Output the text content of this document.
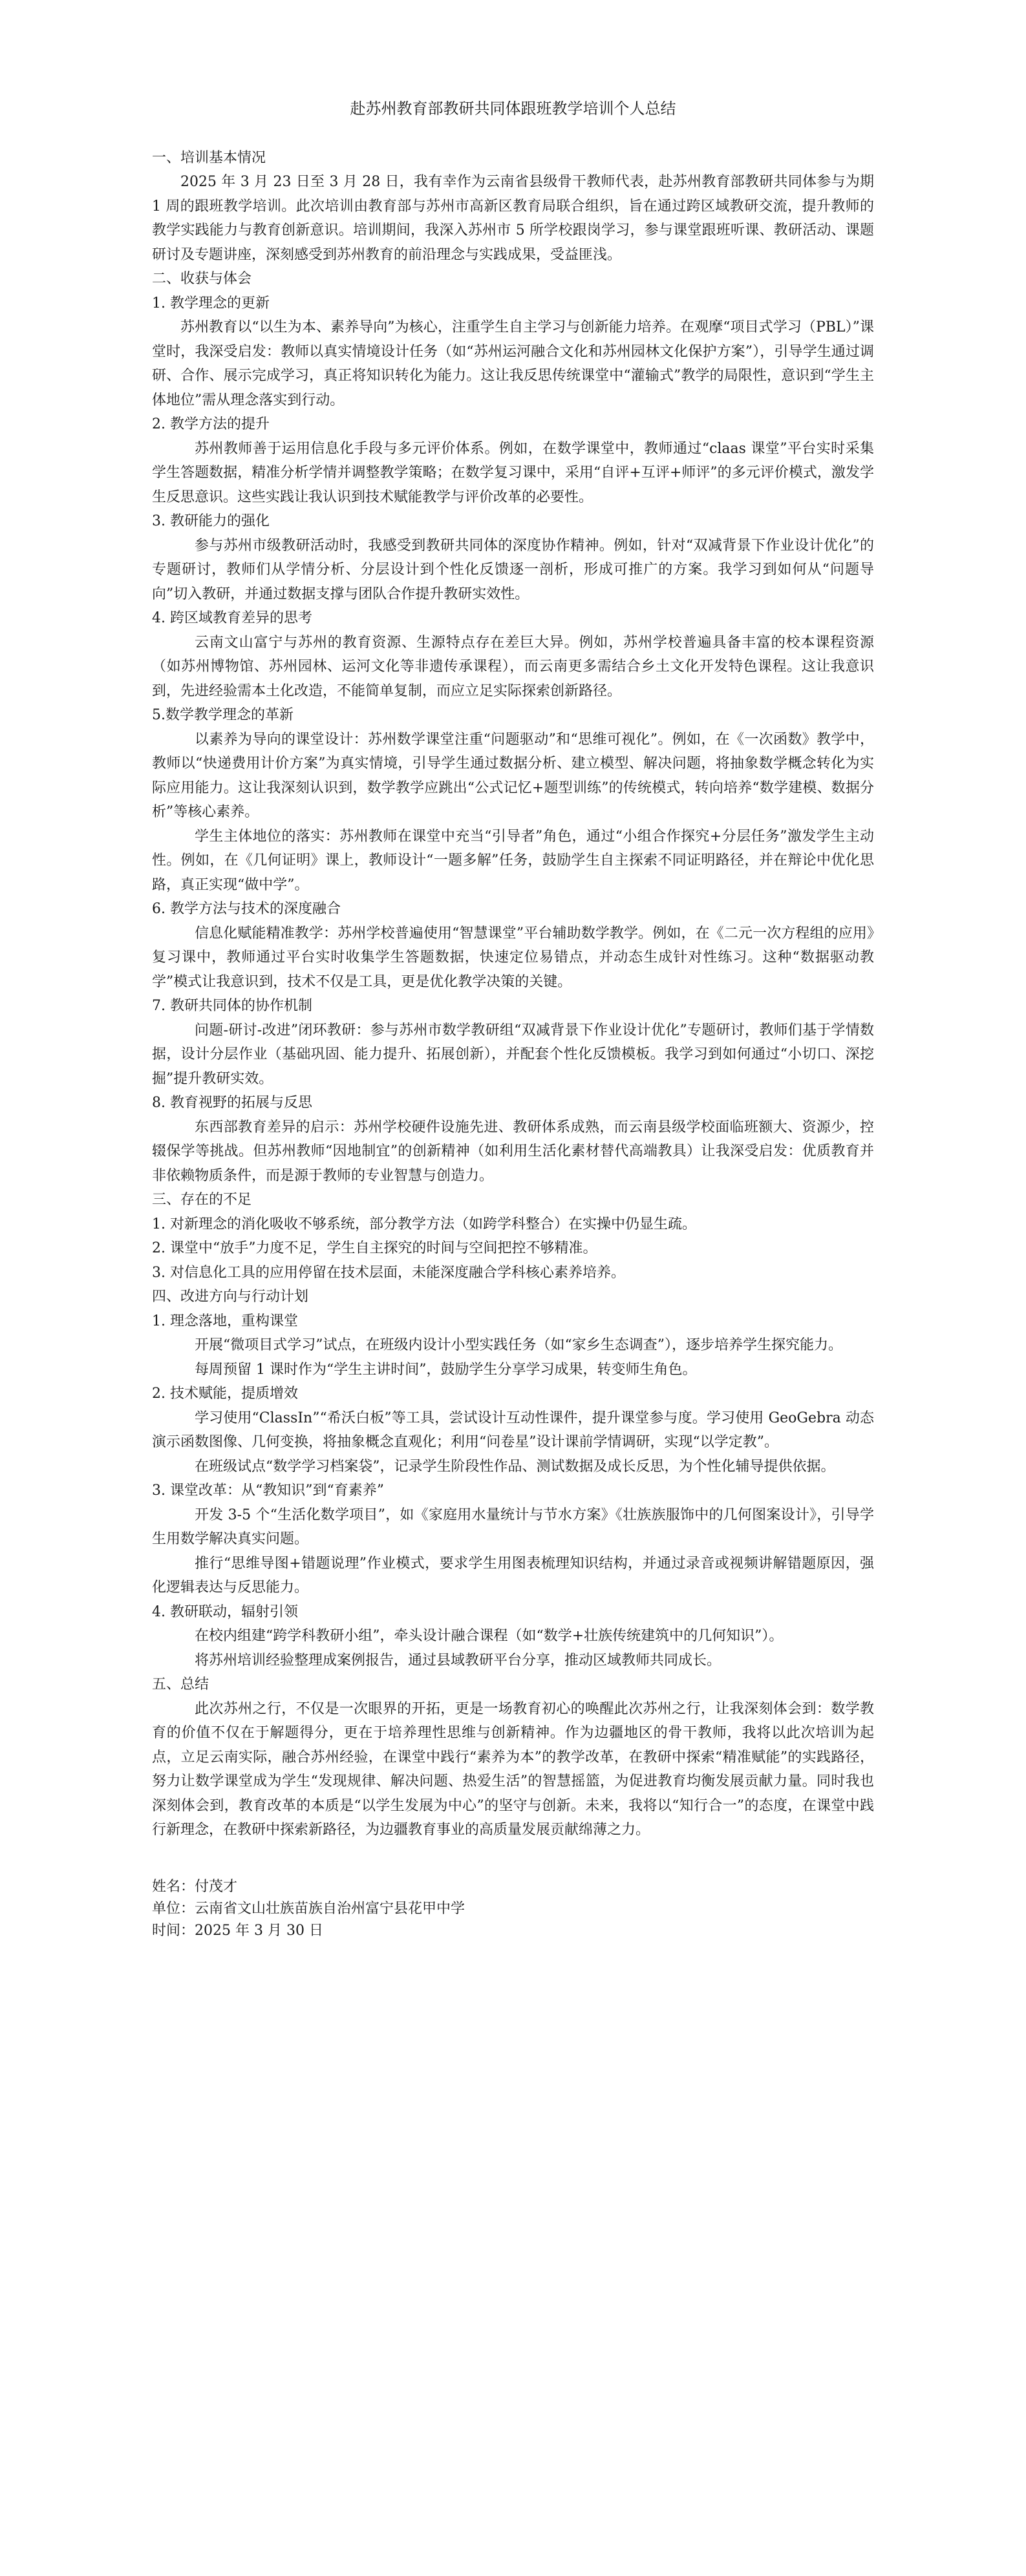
赴苏州教育部教研共同体跟班教学培训个人总结
一、培训基本情况
2025 年 3 月 23 日至 3 月 28 日，我有幸作为云南省县级骨干教师代表，赴苏州教育部教研共同体参与为期 1 周的跟班教学培训。此次培训由教育部与苏州市高新区教育局联合组织，旨在通过跨区域教研交流，提升教师的教学实践能力与教育创新意识。培训期间，我深入苏州市 5 所学校跟岗学习，参与课堂跟班听课、教研活动、课题研讨及专题讲座，深刻感受到苏州教育的前沿理念与实践成果，受益匪浅。
二、收获与体会
1. 教学理念的更新
苏州教育以“以生为本、素养导向”为核心，注重学生自主学习与创新能力培养。在观摩“项目式学习（PBL）”课堂时，我深受启发：教师以真实情境设计任务（如“苏州运河融合文化和苏州园林文化保护方案”），引导学生通过调研、合作、展示完成学习，真正将知识转化为能力。这让我反思传统课堂中“灌输式”教学的局限性，意识到“学生主体地位”需从理念落实到行动。
2. 教学方法的提升
苏州教师善于运用信息化手段与多元评价体系。例如，在数学课堂中，教师通过“claas 课堂”平台实时采集学生答题数据，精准分析学情并调整教学策略；在数学复习课中，采用“自评+互评+师评”的多元评价模式，激发学生反思意识。这些实践让我认识到技术赋能教学与评价改革的必要性。
3. 教研能力的强化
参与苏州市级教研活动时，我感受到教研共同体的深度协作精神。例如，针对“双减背景下作业设计优化”的专题研讨，教师们从学情分析、分层设计到个性化反馈逐一剖析，形成可推广的方案。我学习到如何从“问题导向”切入教研，并通过数据支撑与团队合作提升教研实效性。
4. 跨区域教育差异的思考
云南文山富宁与苏州的教育资源、生源特点存在差巨大异。例如，苏州学校普遍具备丰富的校本课程资源（如苏州博物馆、苏州园林、运河文化等非遗传承课程），而云南更多需结合乡土文化开发特色课程。这让我意识到，先进经验需本土化改造，不能简单复制，而应立足实际探索创新路径。
5.数学教学理念的革新
以素养为导向的课堂设计：苏州数学课堂注重“问题驱动”和“思维可视化”。例如，在《一次函数》教学中，教师以“快递费用计价方案”为真实情境，引导学生通过数据分析、建立模型、解决问题，将抽象数学概念转化为实际应用能力。这让我深刻认识到，数学教学应跳出“公式记忆+题型训练”的传统模式，转向培养“数学建模、数据分析”等核心素养。
学生主体地位的落实：苏州教师在课堂中充当“引导者”角色，通过“小组合作探究+分层任务”激发学生主动性。例如，在《几何证明》课上，教师设计“一题多解”任务，鼓励学生自主探索不同证明路径，并在辩论中优化思路，真正实现“做中学”。
6. 教学方法与技术的深度融合
信息化赋能精准教学：苏州学校普遍使用“智慧课堂”平台辅助数学教学。例如，在《二元一次方程组的应用》复习课中，教师通过平台实时收集学生答题数据，快速定位易错点，并动态生成针对性练习。这种“数据驱动教学”模式让我意识到，技术不仅是工具，更是优化教学决策的关键。
7. 教研共同体的协作机制
问题-研讨-改进”闭环教研：参与苏州市数学教研组“双减背景下作业设计优化”专题研讨，教师们基于学情数据，设计分层作业（基础巩固、能力提升、拓展创新），并配套个性化反馈模板。我学习到如何通过“小切口、深挖掘”提升教研实效。
8. 教育视野的拓展与反思
东西部教育差异的启示：苏州学校硬件设施先进、教研体系成熟，而云南县级学校面临班额大、资源少，控辍保学等挑战。但苏州教师“因地制宜”的创新精神（如利用生活化素材替代高端教具）让我深受启发：优质教育并非依赖物质条件，而是源于教师的专业智慧与创造力。
三、存在的不足
1. 对新理念的消化吸收不够系统，部分教学方法（如跨学科整合）在实操中仍显生疏。
2. 课堂中“放手”力度不足，学生自主探究的时间与空间把控不够精准。
3. 对信息化工具的应用停留在技术层面，未能深度融合学科核心素养培养。
四、改进方向与行动计划
1. 理念落地，重构课堂
开展“微项目式学习”试点，在班级内设计小型实践任务（如“家乡生态调查”），逐步培养学生探究能力。
每周预留 1 课时作为“学生主讲时间”，鼓励学生分享学习成果，转变师生角色。
2. 技术赋能，提质增效
学习使用“ClassIn”“希沃白板”等工具，尝试设计互动性课件，提升课堂参与度。学习使用 GeoGebra 动态演示函数图像、几何变换，将抽象概念直观化；利用“问卷星”设计课前学情调研，实现“以学定教”。
在班级试点“数学学习档案袋”，记录学生阶段性作品、测试数据及成长反思，为个性化辅导提供依据。
3. 课堂改革：从“教知识”到“育素养”
开发 3-5 个“生活化数学项目”，如《家庭用水量统计与节水方案》《壮族族服饰中的几何图案设计》，引导学生用数学解决真实问题。
推行“思维导图+错题说理”作业模式，要求学生用图表梳理知识结构，并通过录音或视频讲解错题原因，强化逻辑表达与反思能力。
4. 教研联动，辐射引领
在校内组建“跨学科教研小组”，牵头设计融合课程（如“数学+壮族传统建筑中的几何知识”）。
将苏州培训经验整理成案例报告，通过县域教研平台分享，推动区域教师共同成长。
五、总结
此次苏州之行，不仅是一次眼界的开拓，更是一场教育初心的唤醒此次苏州之行，让我深刻体会到：数学教育的价值不仅在于解题得分，更在于培养理性思维与创新精神。作为边疆地区的骨干教师，我将以此次培训为起点，立足云南实际，融合苏州经验，在课堂中践行“素养为本”的教学改革，在教研中探索“精准赋能”的实践路径，努力让数学课堂成为学生“发现规律、解决问题、热爱生活”的智慧摇篮，为促进教育均衡发展贡献力量。同时我也深刻体会到，教育改革的本质是“以学生发展为中心”的坚守与创新。未来，我将以“知行合一”的态度，在课堂中践行新理念，在教研中探索新路径，为边疆教育事业的高质量发展贡献绵薄之力。
姓名：付茂才
单位：云南省文山壮族苗族自治州富宁县花甲中学
时间：2025 年 3 月 30 日
